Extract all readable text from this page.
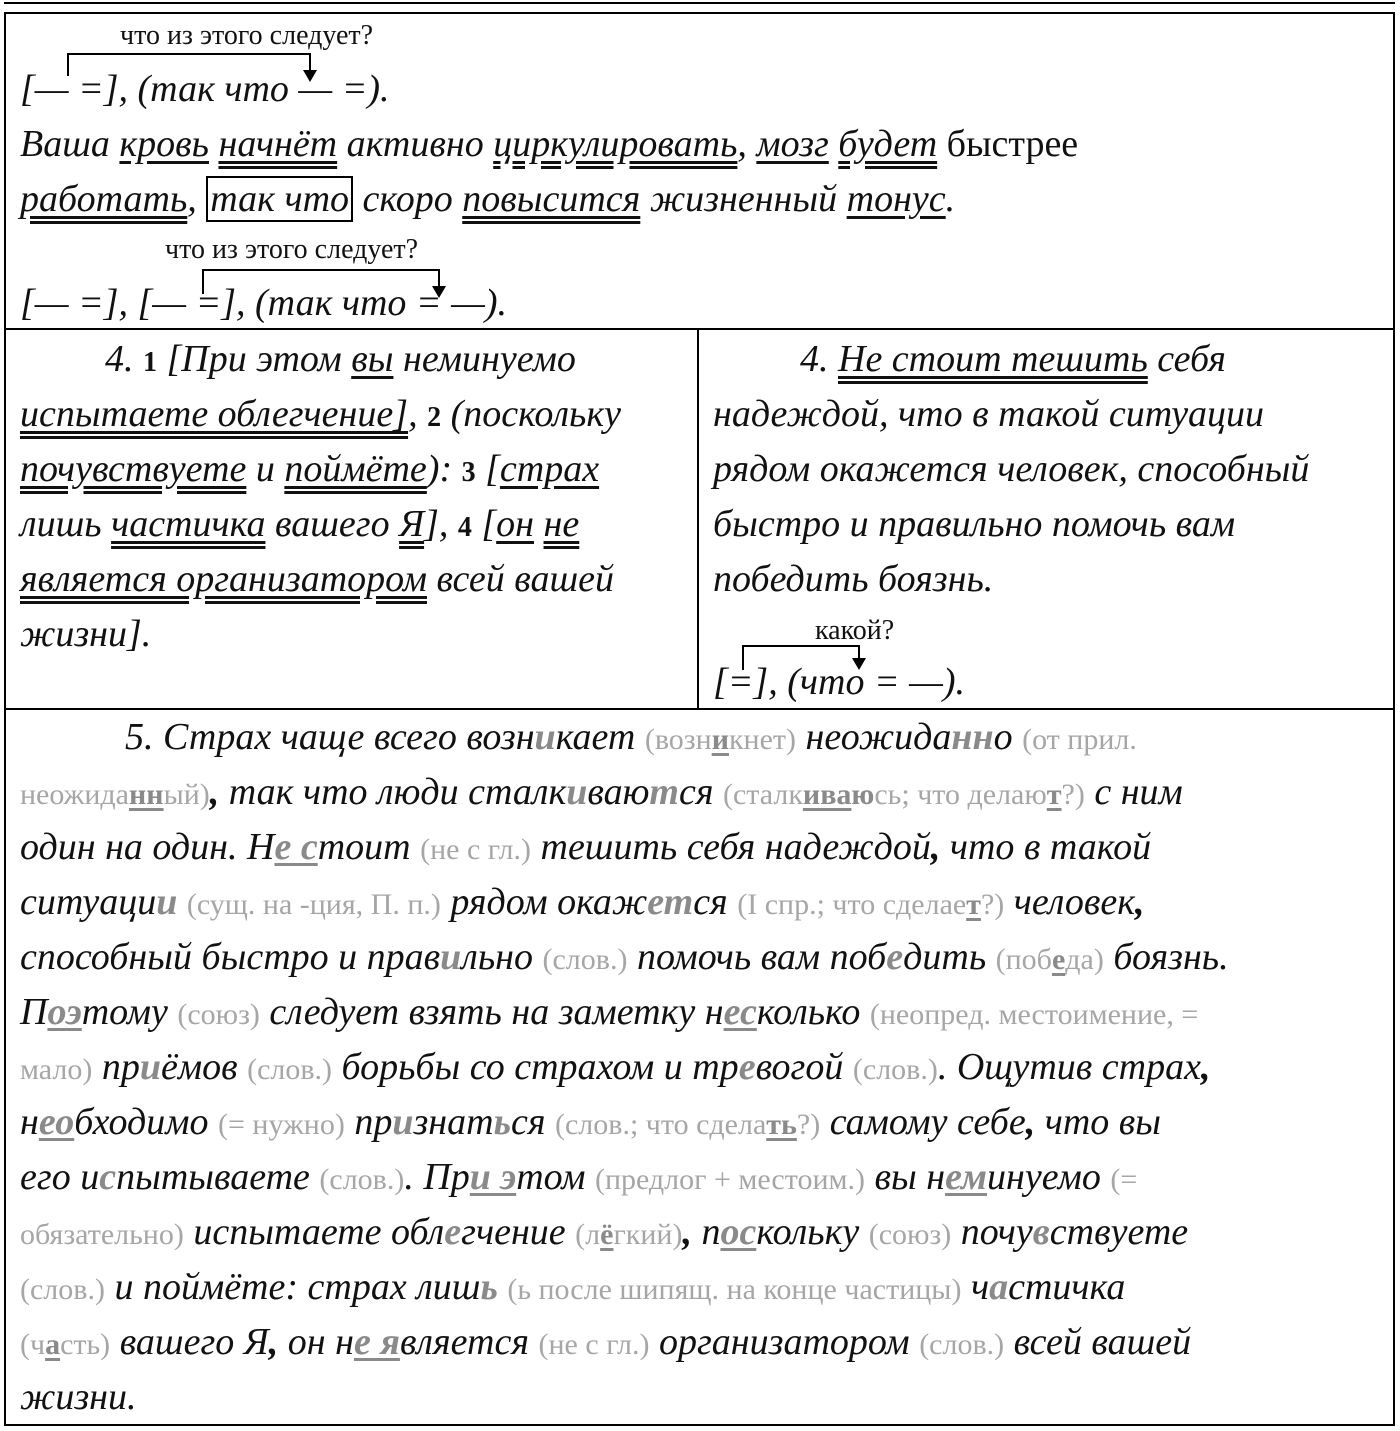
что из этого следует?
[— =], (так что — =).
Ваша кровь начнёт активно циркулировать, мозг будет быстрее
работать, так что скоро повысится жизненный тонус.
что из этого следует?
[— =], [— =], (так что = —).
4. 1 [При этом вы неминуемо
испытаете облегчение], 2 (поскольку
почувствуете и поймёте): 3 [страх
лишь частичка вашего Я], 4 [он не
является организатором всей вашей
жизни].
4. Не стоит тешить себя
надеждой, что в такой ситуации
рядом окажется человек, способный
быстро и правильно помочь вам
победить боязнь.
какой?
[=], (что = —).
5. Страх чаще всего возникает (возникнет) неожиданно (от прил.
неожиданный), так что люди сталкиваются (сталкиваюсь; что делают?) с ним
один на один. Не стоит (не с гл.) тешить себя надеждой, что в такой
ситуации (сущ. на -ция, П. п.) рядом окажется (I спр.; что сделает?) человек,
способный быстро и правильно (слов.) помочь вам победить (победа) боязнь.
Поэтому (союз) следует взять на заметку несколько (неопред. местоимение, =
мало) приёмов (слов.) борьбы со страхом и тревогой (слов.). Ощутив страх,
необходимо (= нужно) признаться (слов.; что сделать?) самому себе, что вы
его испытываете (слов.). При этом (предлог + местоим.) вы неминуемо (=
обязательно) испытаете облегчение (лёгкий), поскольку (союз) почувствуете
(слов.) и поймёте: страх лишь (ь после шипящ. на конце частицы) частичка
(часть) вашего Я, он не является (не с гл.) организатором (слов.) всей вашей
жизни.
